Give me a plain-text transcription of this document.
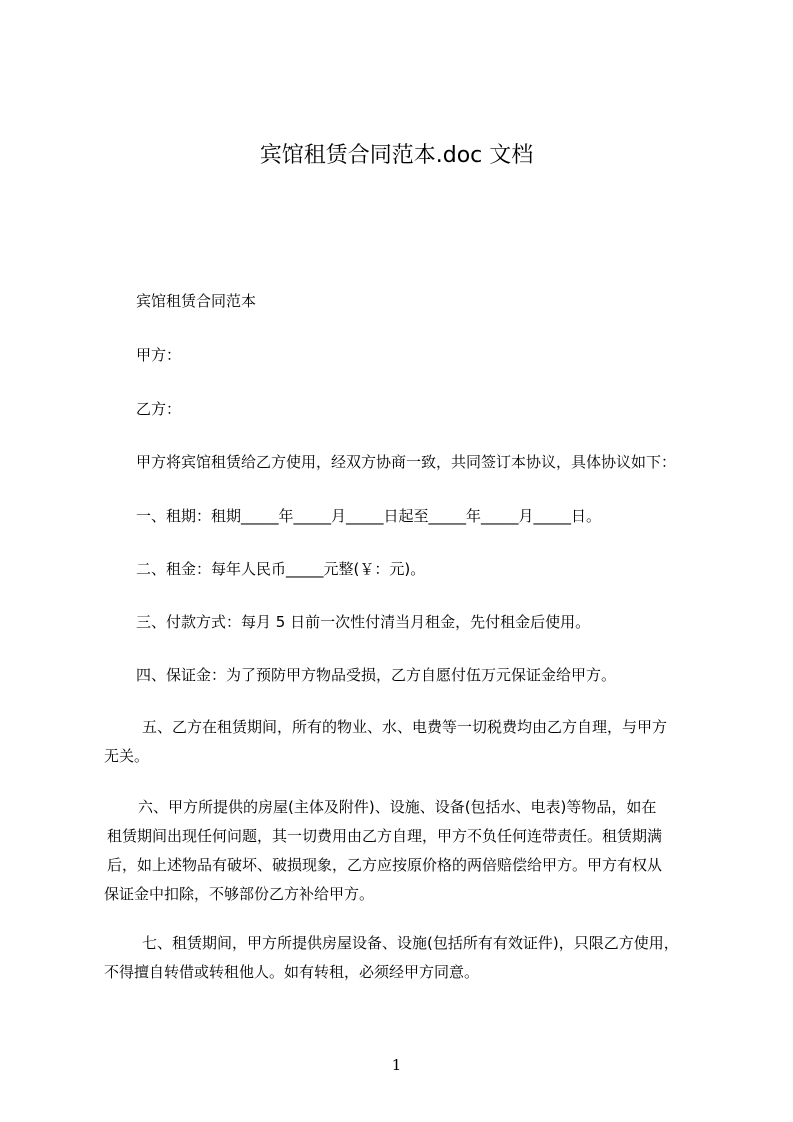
宾馆租赁合同范本.doc 文档
宾馆租赁合同范本
甲方：
乙方：
甲方将宾馆租赁给乙方使用，经双方协商一致，共同签订本协议，具体协议如下：
一、租期：租期_____年_____月_____日起至_____年_____月_____日。
二、租金：每年人民币_____元整(￥：元)。
三、付款方式：每月 5 日前一次性付清当月租金，先付租金后使用。
四、保证金：为了预防甲方物品受损，乙方自愿付伍万元保证金给甲方。
五、乙方在租赁期间，所有的物业、水、电费等一切税费均由乙方自理，与甲方
无关。
六、甲方所提供的房屋(主体及附件)、设施、设备(包括水、电表)等物品，如在
租赁期间出现任何问题，其一切费用由乙方自理，甲方不负任何连带责任。租赁期满
后，如上述物品有破坏、破损现象，乙方应按原价格的两倍赔偿给甲方。甲方有权从
保证金中扣除，不够部份乙方补给甲方。
七、租赁期间，甲方所提供房屋设备、设施(包括所有有效证件)，只限乙方使用，
不得擅自转借或转租他人。如有转租，必须经甲方同意。
1
